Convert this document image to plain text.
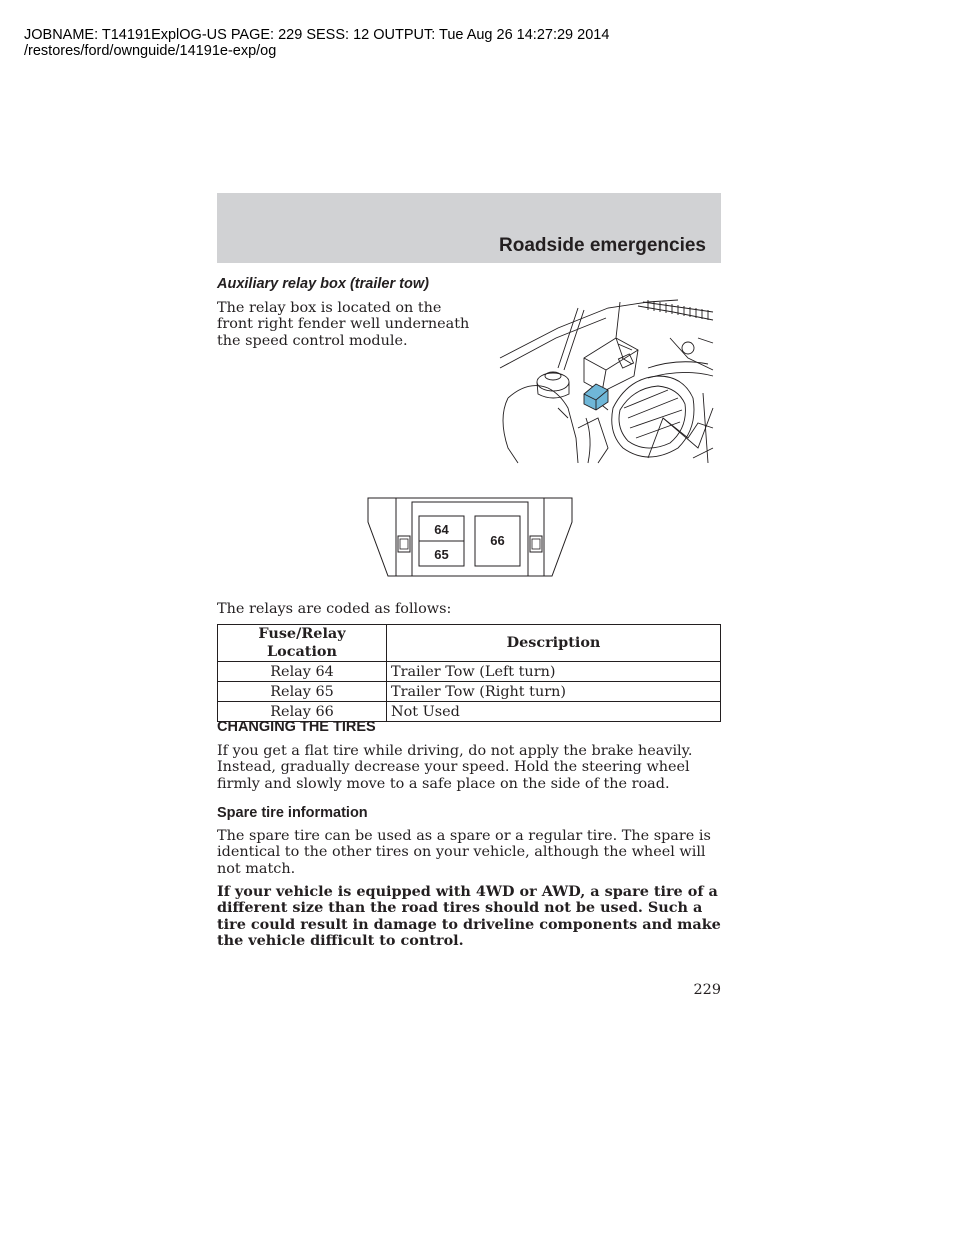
JOBNAME: T14191ExplOG-US PAGE: 229 SESS: 12 OUTPUT: Tue Aug 26 14:27:29 2014
/restores/ford/ownguide/14191e-exp/og
Roadside emergencies
Auxiliary relay box (trailer tow)
The relay box is located on the front right fender well underneath the speed control module.
64
65
66
The relays are coded as follows:
Fuse/Relay Location	Description
Relay 64	Trailer Tow (Left turn)
Relay 65	Trailer Tow (Right turn)
Relay 66	Not Used
CHANGING THE TIRES
If you get a flat tire while driving, do not apply the brake heavily. Instead, gradually decrease your speed. Hold the steering wheel firmly and slowly move to a safe place on the side of the road.
Spare tire information
The spare tire can be used as a spare or a regular tire. The spare is identical to the other tires on your vehicle, although the wheel will not match.
If your vehicle is equipped with 4WD or AWD, a spare tire of a different size than the road tires should not be used. Such a tire could result in damage to driveline components and make the vehicle difficult to control.
229
